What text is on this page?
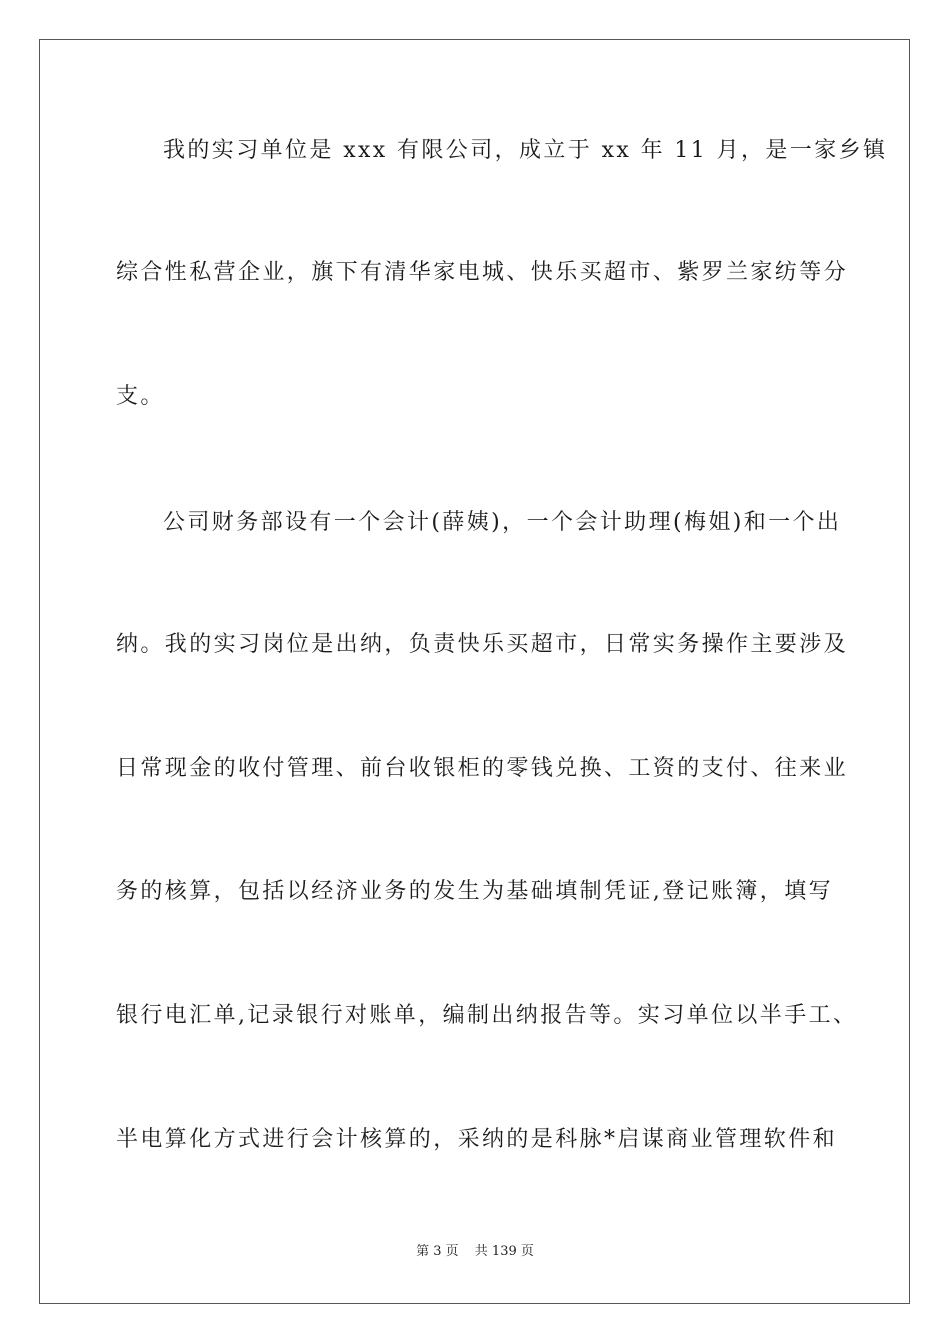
我的实习单位是 xxx 有限公司，成立于 xx 年 11 月，是一家乡镇
综合性私营企业，旗下有清华家电城、快乐买超市、紫罗兰家纺等分
支。
公司财务部设有一个会计(薛姨)，一个会计助理(梅姐)和一个出
纳。我的实习岗位是出纳，负责快乐买超市，日常实务操作主要涉及
日常现金的收付管理、前台收银柜的零钱兑换、工资的支付、往来业
务的核算，包括以经济业务的发生为基础填制凭证,登记账簿，填写
银行电汇单,记录银行对账单，编制出纳报告等。实习单位以半手工、
半电算化方式进行会计核算的，采纳的是科脉*启谋商业管理软件和
第 3 页 共 139 页
